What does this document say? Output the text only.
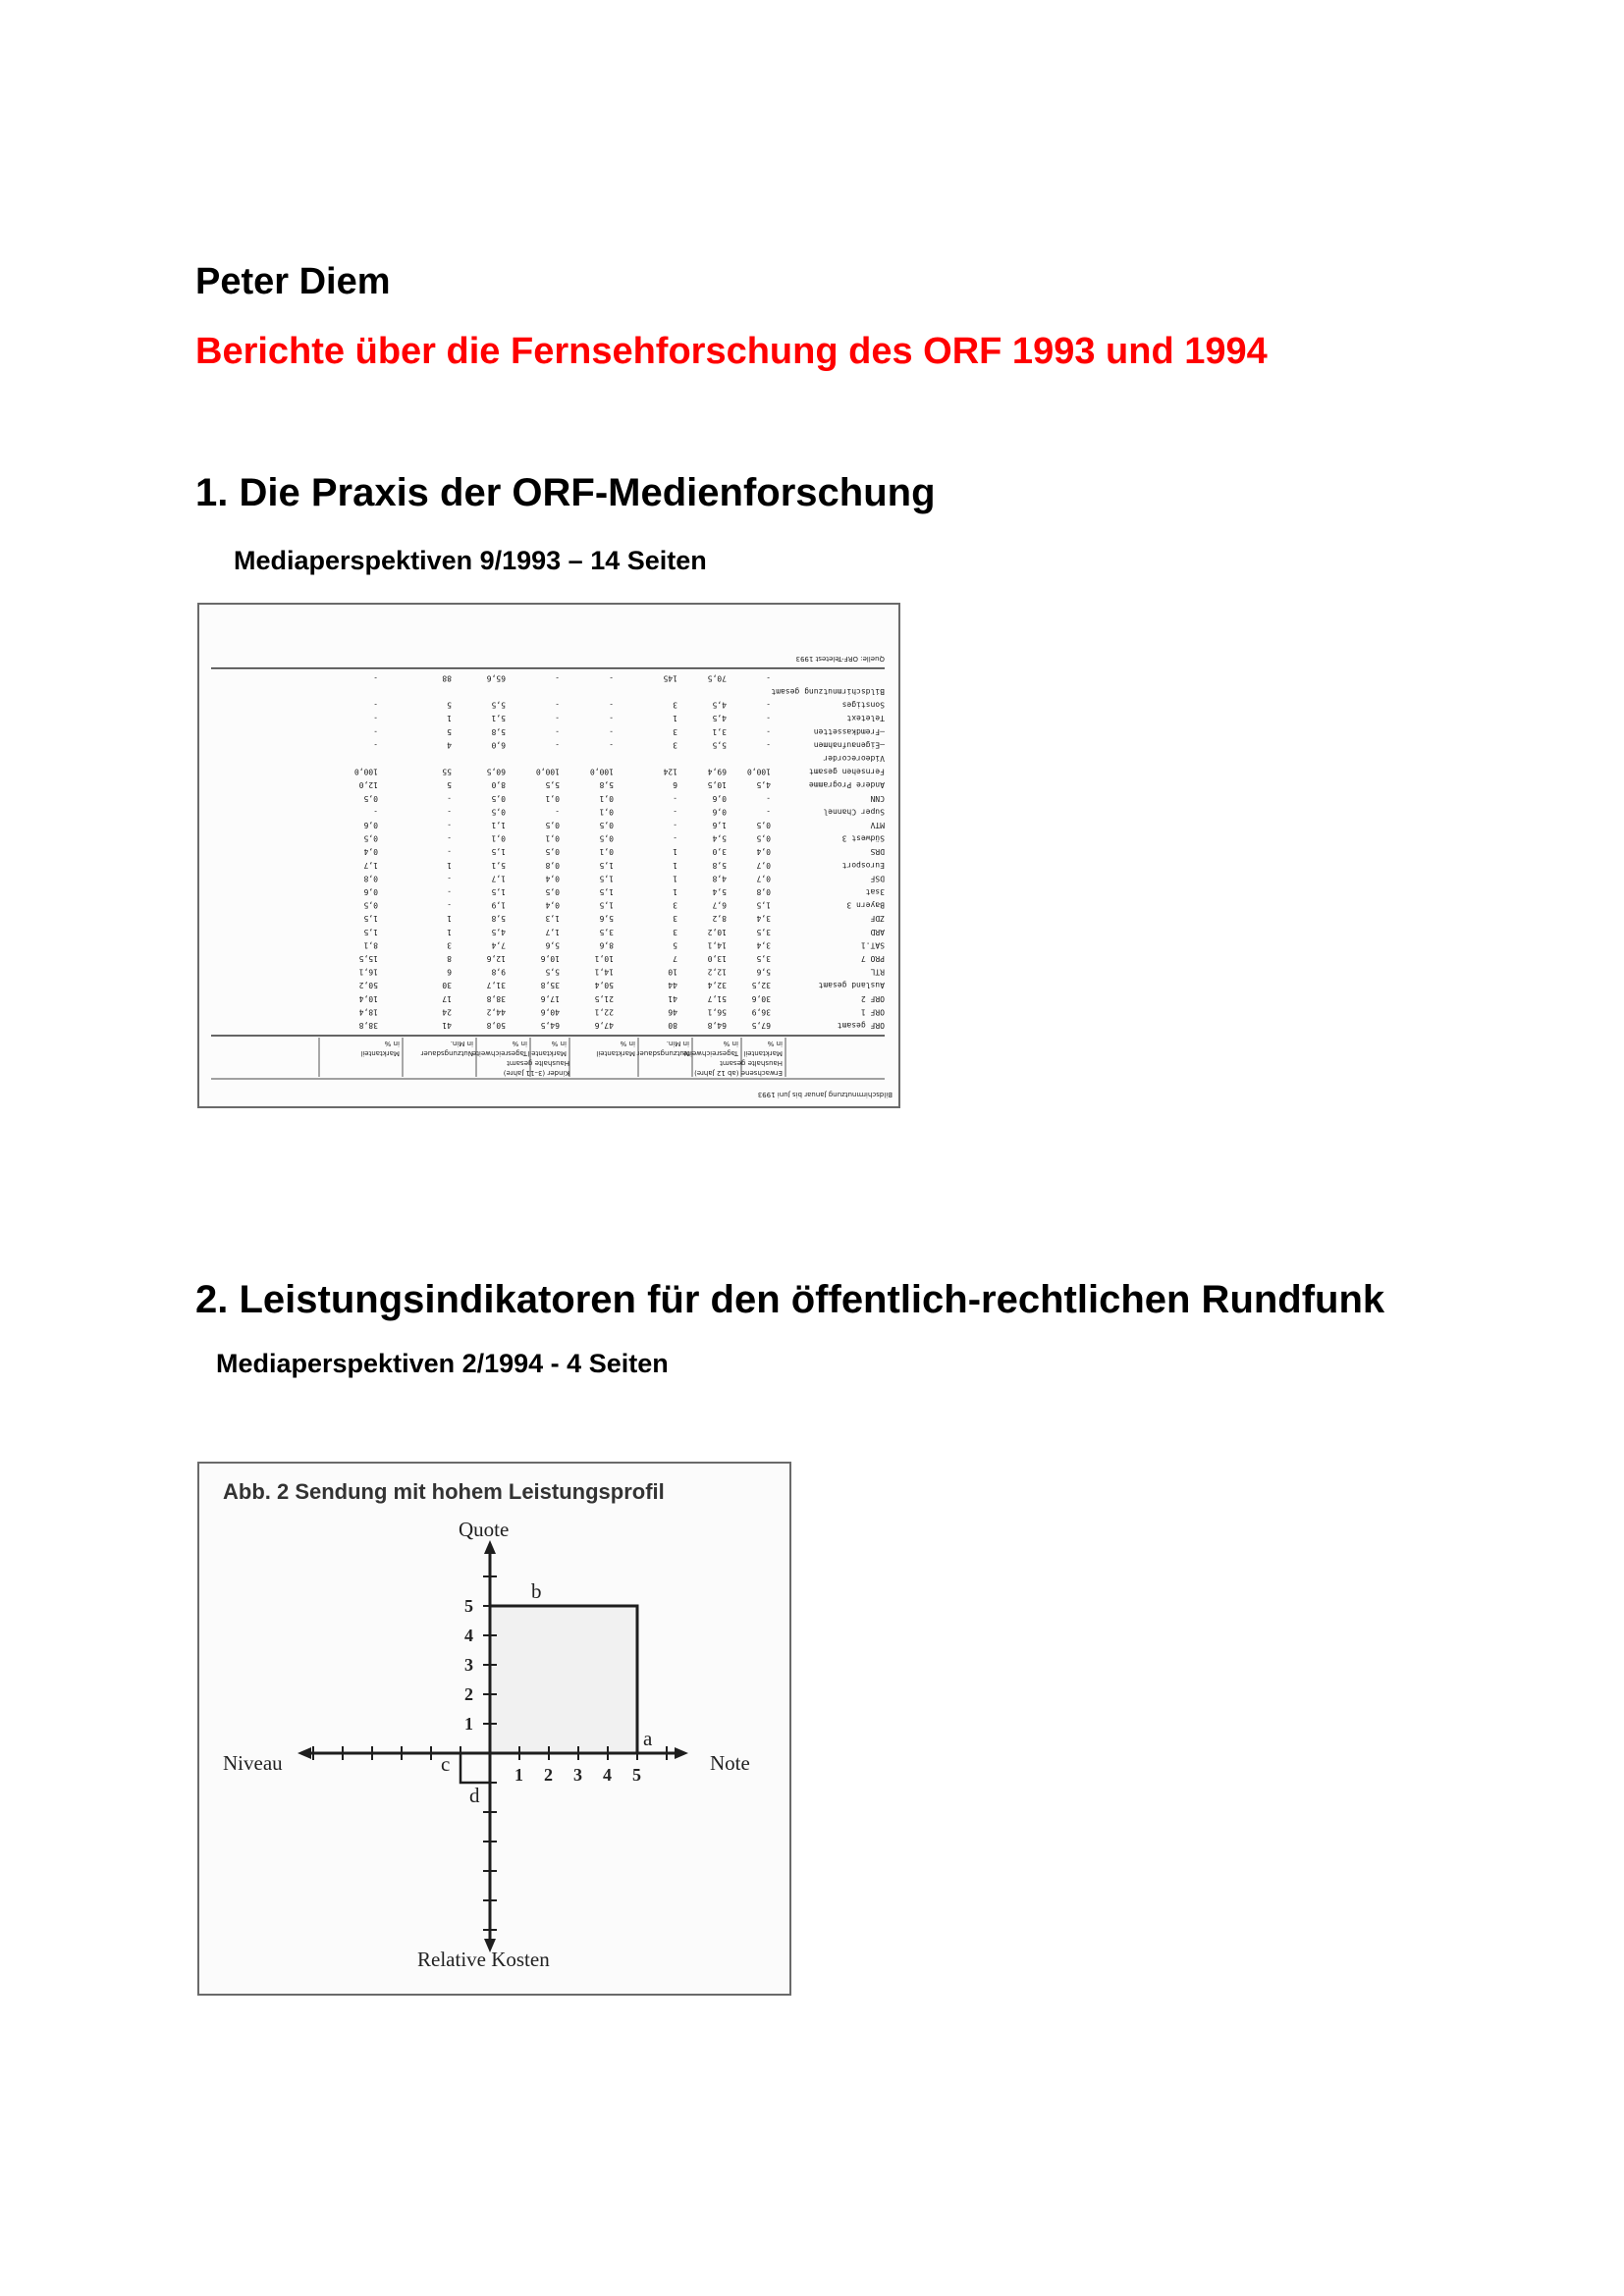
Peter Diem
Berichte über die Fernsehforschung des ORF 1993 und 1994
1. Die Praxis der ORF-Medienforschung
Mediaperspektiven 9/1993 – 14 Seiten
Bildschirmnutzung Januar bis Juni 1993
Erwachsene (ab 12 Jahre)
Kinder (3–11 Jahre)
Haushalte gesamt
Haushalte gesamt
Marktanteil
in %
Tagesreichweite
in %
Nutzungsdauer
in Min.
Marktanteil
in %
Marktanteil
in %
Tagesreichweite
in %
Nutzungsdauer
in Min.
Marktanteil
in %
ORF gesamt
67,5
64,8
80
47,6
64,5
50,8
41
38,8
ORF 1
36,9
56,1
46
22,1
40,6
44,2
24
18,4
ORF 2
30,6
51,7
41
21,5
17,6
38,8
17
10,4
Ausland gesamt
32,5
32,4
44
50,4
35,8
31,7
30
50,2
RTL
5,6
12,2
10
14,1
5,5
9,8
6
16,1
PRO 7
3,5
13,0
7
10,1
10,6
12,6
8
15,5
SAT.1
3,4
14,1
5
8,6
5,6
7,4
3
8,1
ARD
3,5
10,2
3
3,5
1,7
4,5
1
1,5
ZDF
3,4
8,2
3
5,6
1,3
5,8
1
1,5
Bayern 3
1,5
6,7
3
1,5
0,4
1,9
-
0,5
3sat
0,8
5,4
1
1,5
0,5
1,5
-
0,6
DSF
0,7
4,8
1
1,5
0,4
1,7
-
0,8
Eurosport
0,7
5,8
1
1,5
0,8
5,1
1
1,7
DRS
0,4
3,0
1
0,1
0,5
1,5
-
0,4
Südwest 3
0,5
5,4
-
0,5
0,1
0,1
-
0,5
MTV
0,5
1,6
-
0,5
0,5
1,1
-
0,6
Super Channel
-
0,6
-
0,1
-
0,5
-
-
CNN
-
0,6
-
0,1
0,1
0,5
-
0,5
Andere Programme
4,5
10,5
6
5,8
5,5
8,0
5
12,0
Fernsehen gesamt
100,0
69,4
124
100,0
100,0
60,5
55
100,0
Videorecorder
–Eigenaufnahmen
-
5,5
3
-
-
6,0
4
-
–Fremdkassetten
-
3,1
3
-
-
5,8
5
-
Teletext
-
4,5
1
-
-
5,1
1
-
Sonstiges
-
4,5
3
-
-
5,5
5
-
Bildschirmnutzung gesamt
-
70,5
145
-
-
65,6
88
-
Quelle: ORF-Teletest 1993
2. Leistungsindikatoren für den öffentlich-rechtlichen Rundfunk
Mediaperspektiven 2/1994 - 4 Seiten
Abb. 2 Sendung mit hohem Leistungsprofil
1 2 3 4 5
1
2
3
4
5
Quote
Note
Niveau
Relative Kosten
b
a
c
d
